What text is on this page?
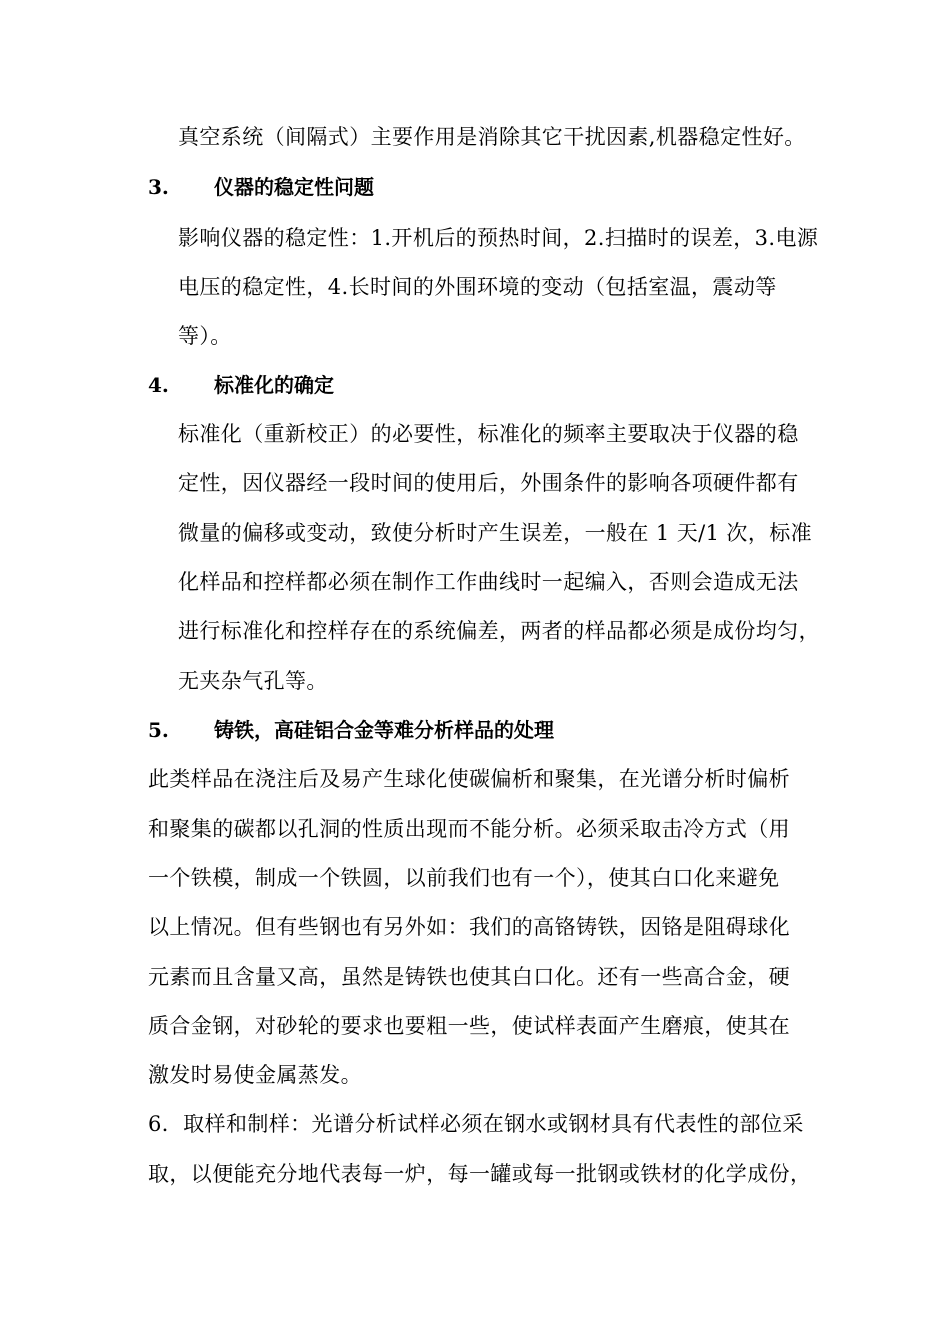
真空系统（间隔式）主要作用是消除其它干扰因素,机器稳定性好。
3. 仪器的稳定性问题
影响仪器的稳定性：1.开机后的预热时间，2.扫描时的误差，3.电源
电压的稳定性，4.长时间的外围环境的变动（包括室温，震动等
等）。
4. 标准化的确定
标准化（重新校正）的必要性，标准化的频率主要取决于仪器的稳
定性，因仪器经一段时间的使用后，外围条件的影响各项硬件都有
微量的偏移或变动，致使分析时产生误差，一般在 1 天/1 次，标准
化样品和控样都必须在制作工作曲线时一起编入，否则会造成无法
进行标准化和控样存在的系统偏差，两者的样品都必须是成份均匀，
无夹杂气孔等。
5. 铸铁，高硅铝合金等难分析样品的处理
此类样品在浇注后及易产生球化使碳偏析和聚集，在光谱分析时偏析
和聚集的碳都以孔洞的性质出现而不能分析。必须采取击冷方式（用
一个铁模，制成一个铁圆，以前我们也有一个），使其白口化来避免
以上情况。但有些钢也有另外如：我们的高铬铸铁，因铬是阻碍球化
元素而且含量又高，虽然是铸铁也使其白口化。还有一些高合金，硬
质合金钢，对砂轮的要求也要粗一些，使试样表面产生磨痕，使其在
激发时易使金属蒸发。
6．取样和制样：光谱分析试样必须在钢水或钢材具有代表性的部位采
取，以便能充分地代表每一炉，每一罐或每一批钢或铁材的化学成份，
